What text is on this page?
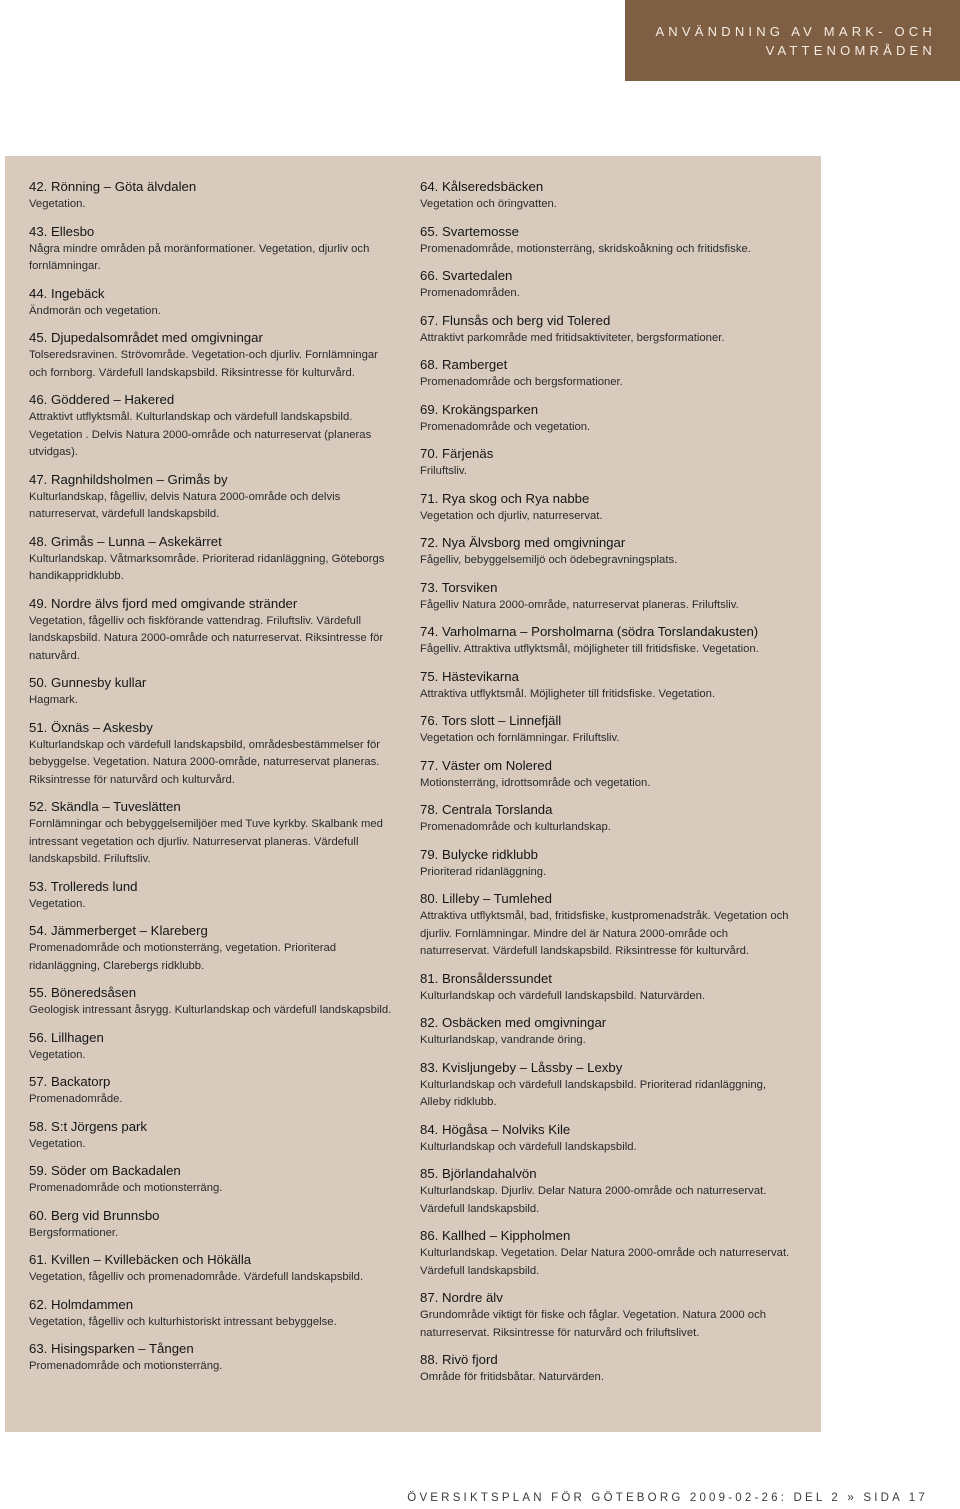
ANVÄNDNING AV MARK- OCH
VATTENOMRÅDEN
42. Rönning – Göta älvdalen
Vegetation.
43. Ellesbo
Några mindre områden på moränformationer. Vegetation, djurliv och fornlämningar.
44. Ingebäck
Ändmorän och vegetation.
45. Djupedalsområdet med omgivningar
Tolseredsravinen. Strövområde. Vegetation-och djurliv. Fornlämningar och fornborg. Värdefull landskapsbild. Riksintresse för kulturvård.
46. Göddered – Hakered
Attraktivt utflyktsmål. Kulturlandskap och värdefull landskapsbild. Vegetation . Delvis Natura 2000-område och naturreservat (planeras utvidgas).
47. Ragnhildsholmen – Grimås by
Kulturlandskap, fågelliv, delvis Natura 2000-område och delvis naturreservat, värdefull landskapsbild.
48. Grimås – Lunna – Askekärret
Kulturlandskap. Våtmarksområde. Prioriterad ridanläggning, Göteborgs handikappridklubb.
49. Nordre älvs fjord med omgivande stränder
Vegetation, fågelliv och fiskförande vattendrag. Friluftsliv. Värdefull landskapsbild. Natura 2000-område och naturreservat. Riksintresse för naturvård.
50. Gunnesby kullar
Hagmark.
51. Öxnäs – Askesby
Kulturlandskap och värdefull landskapsbild, områdesbestämmelser för bebyggelse. Vegetation. Natura 2000-område, naturreservat planeras. Riksintresse för naturvård och kulturvård.
52. Skändla – Tuveslätten
Fornlämningar och bebyggelsemiljöer med Tuve kyrkby. Skalbank med intressant vegetation och djurliv. Naturreservat planeras. Värdefull landskapsbild. Friluftsliv.
53. Trollereds lund
Vegetation.
54. Jämmerberget – Klareberg
Promenadområde och motionsterräng, vegetation. Prioriterad ridanläggning, Clarebergs ridklubb.
55. Böneredsåsen
Geologisk intressant åsrygg. Kulturlandskap och värdefull landskapsbild.
56. Lillhagen
Vegetation.
57. Backatorp
Promenadområde.
58. S:t Jörgens park
Vegetation.
59. Söder om Backadalen
Promenadområde och motionsterräng.
60. Berg vid Brunnsbo
Bergsformationer.
61. Kvillen – Kvillebäcken och Hökälla
Vegetation, fågelliv och promenadområde. Värdefull landskapsbild.
62. Holmdammen
Vegetation, fågelliv och kulturhistoriskt intressant bebyggelse.
63. Hisingsparken – Tången
Promenadområde och motionsterräng.
64. Kålseredsbäcken
Vegetation och öringvatten.
65. Svartemosse
Promenadområde, motionsterräng, skridskoåkning och fritidsfiske.
66. Svartedalen
Promenadområden.
67. Flunsås och berg vid Tolered
Attraktivt parkområde med fritidsaktiviteter, bergsformationer.
68. Ramberget
Promenadområde och bergsformationer.
69. Krokängsparken
Promenadområde och vegetation.
70. Färjenäs
Friluftsliv.
71. Rya skog och Rya nabbe
Vegetation och djurliv, naturreservat.
72. Nya Älvsborg med omgivningar
Fågelliv, bebyggelsemiljö och ödebegravningsplats.
73. Torsviken
Fågelliv Natura 2000-område, naturreservat planeras. Friluftsliv.
74. Varholmarna – Porsholmarna (södra Torslandakusten)
Fågelliv. Attraktiva utflyktsmål, möjligheter till fritidsfiske. Vegetation.
75. Hästevikarna
Attraktiva utflyktsmål. Möjligheter till fritidsfiske. Vegetation.
76. Tors slott – Linnefjäll
Vegetation och fornlämningar. Friluftsliv.
77. Väster om Nolered
Motionsterräng, idrottsområde och vegetation.
78. Centrala Torslanda
Promenadområde och kulturlandskap.
79. Bulycke ridklubb
Prioriterad ridanläggning.
80. Lilleby – Tumlehed
Attraktiva utflyktsmål, bad, fritidsfiske, kustpromenadstråk. Vegetation och djurliv. Fornlämningar. Mindre del är Natura 2000-område och naturreservat. Värdefull landskapsbild. Riksintresse för kulturvård.
81. Bronsålderssundet
Kulturlandskap och värdefull landskapsbild. Naturvärden.
82. Osbäcken med omgivningar
Kulturlandskap, vandrande öring.
83. Kvisljungeby – Låssby – Lexby
Kulturlandskap och värdefull landskapsbild. Prioriterad ridanläggning, Alleby ridklubb.
84. Högåsa – Nolviks Kile
Kulturlandskap och värdefull landskapsbild.
85. Björlandahalvön
Kulturlandskap. Djurliv. Delar Natura 2000-område och naturreservat. Värdefull landskapsbild.
86. Kallhed – Kippholmen
Kulturlandskap. Vegetation. Delar Natura 2000-område och naturreservat. Värdefull landskapsbild.
87. Nordre älv
Grundområde viktigt för fiske och fåglar. Vegetation. Natura 2000 och naturreservat. Riksintresse för naturvård och friluftslivet.
88. Rivö fjord
Område för fritidsbåtar. Naturvärden.
ÖVERSIKTSPLAN FÖR GÖTEBORG 2009-02-26: DEL 2 » SIDA 17
